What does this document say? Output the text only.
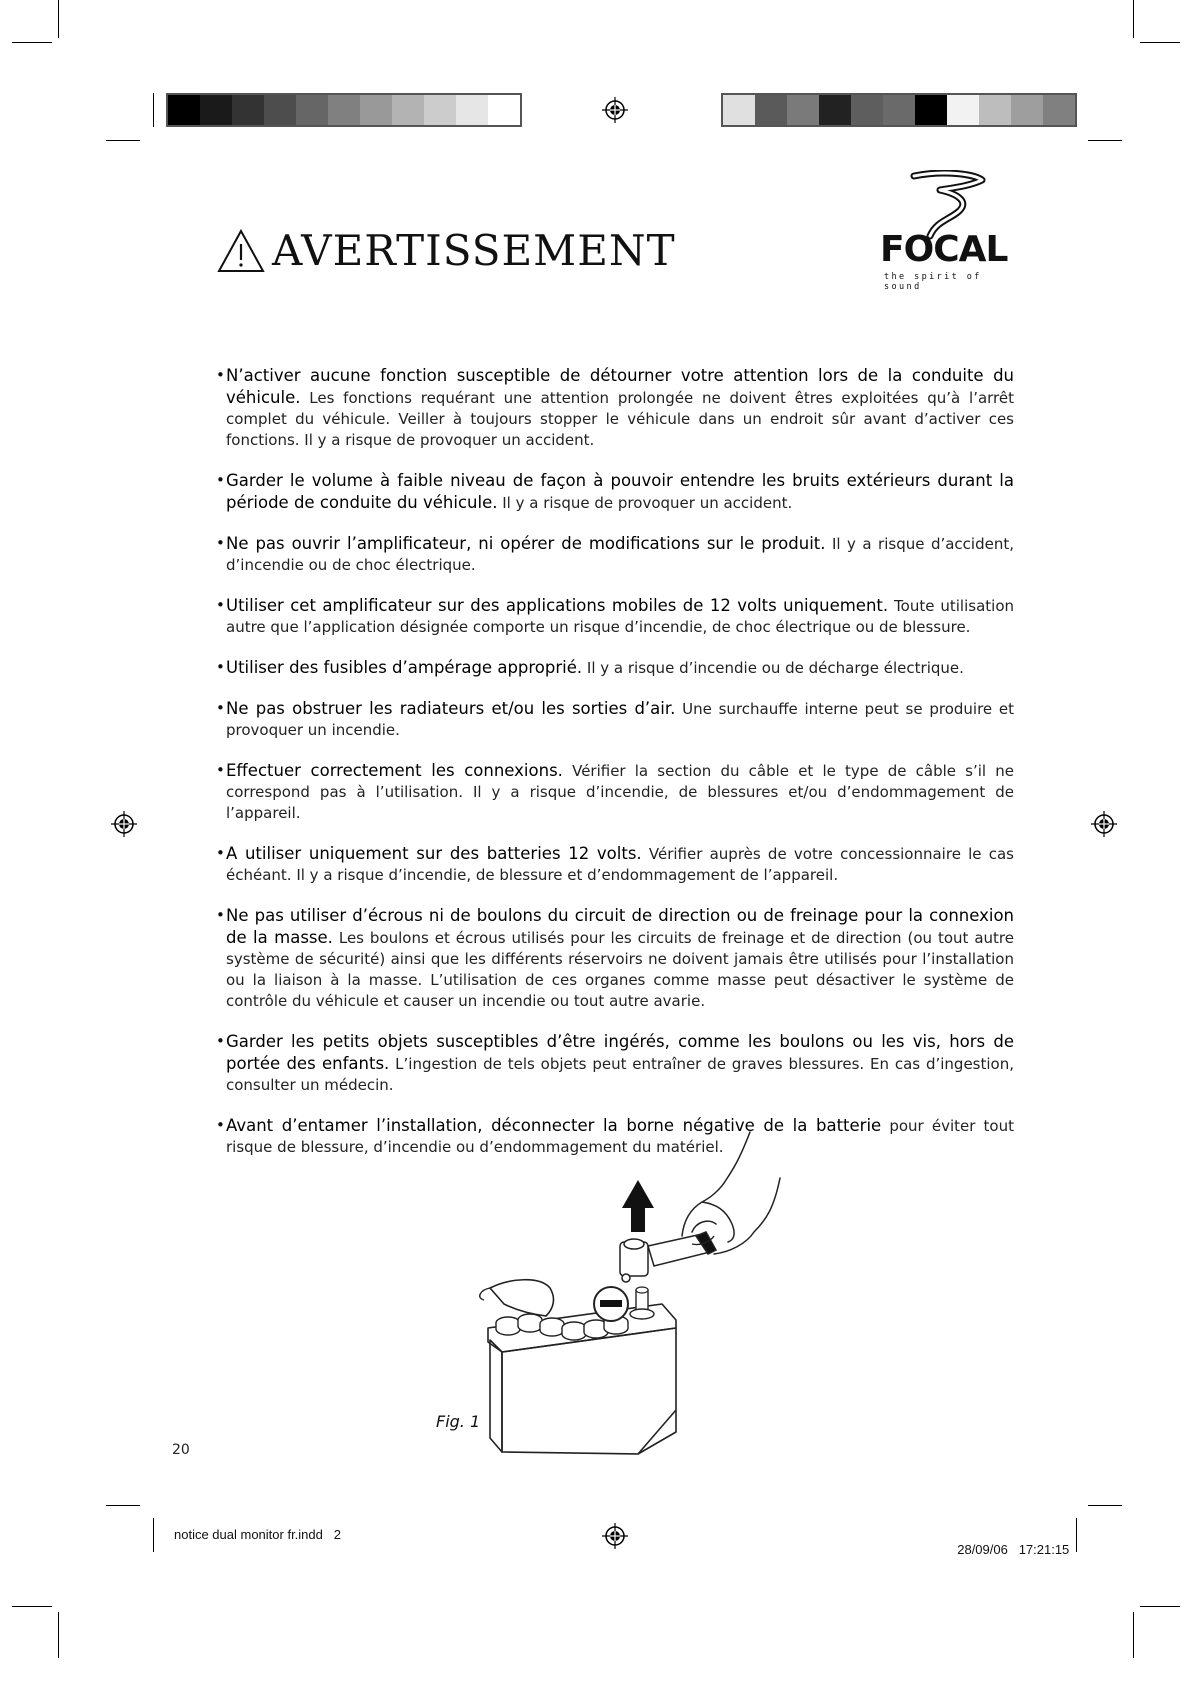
AVERTISSEMENT	FOCAL
the spirit of sound
• N’activer aucune fonction susceptible de détourner votre attention lors de la conduite du véhicule. Les fonctions requérant une attention prolongée ne doivent êtres exploitées qu’à l’arrêt complet du véhicule. Veiller à toujours stopper le véhicule dans un endroit sûr avant d’activer ces fonctions. Il y a risque de provoquer un accident.
• Garder le volume à faible niveau de façon à pouvoir entendre les bruits extérieurs durant la période de conduite du véhicule. Il y a risque de provoquer un accident.
• Ne pas ouvrir l’amplificateur, ni opérer de modifications sur le produit. Il y a risque d’accident, d’incendie ou de choc électrique.
• Utiliser cet amplificateur sur des applications mobiles de 12 volts uniquement. Toute utilisation autre que l’application désignée comporte un risque d’incendie, de choc électrique ou de blessure.
• Utiliser des fusibles d’ampérage approprié. Il y a risque d’incendie ou de décharge électrique.
• Ne pas obstruer les radiateurs et/ou les sorties d’air. Une surchauffe interne peut se produire et provoquer un incendie.
• Effectuer correctement les connexions. Vérifier la section du câble et le type de câble s’il ne correspond pas à l’utilisation. Il y a risque d’incendie, de blessures et/ou d’endommagement de l’appareil.
• A utiliser uniquement sur des batteries 12 volts. Vérifier auprès de votre concessionnaire le cas échéant. Il y a risque d’incendie, de blessure et d’endommagement de l’appareil.
• Ne pas utiliser d’écrous ni de boulons du circuit de direction ou de freinage pour la connexion de la masse. Les boulons et écrous utilisés pour les circuits de freinage et de direction (ou tout autre système de sécurité) ainsi que les différents réservoirs ne doivent jamais être utilisés pour l’installation ou la liaison à la masse. L’utilisation de ces organes comme masse peut désactiver le système de contrôle du véhicule et causer un incendie ou tout autre avarie.
• Garder les petits objets susceptibles d’être ingérés, comme les boulons ou les vis, hors de portée des enfants. L’ingestion de tels objets peut entraîner de graves blessures. En cas d’ingestion, consulter un médecin.
• Avant d’entamer l’installation, déconnecter la borne négative de la batterie pour éviter tout risque de blessure, d’incendie ou d’endommagement du matériel.
Fig. 1
20
notice dual monitor fr.indd   2

28/09/06 17:21:15
